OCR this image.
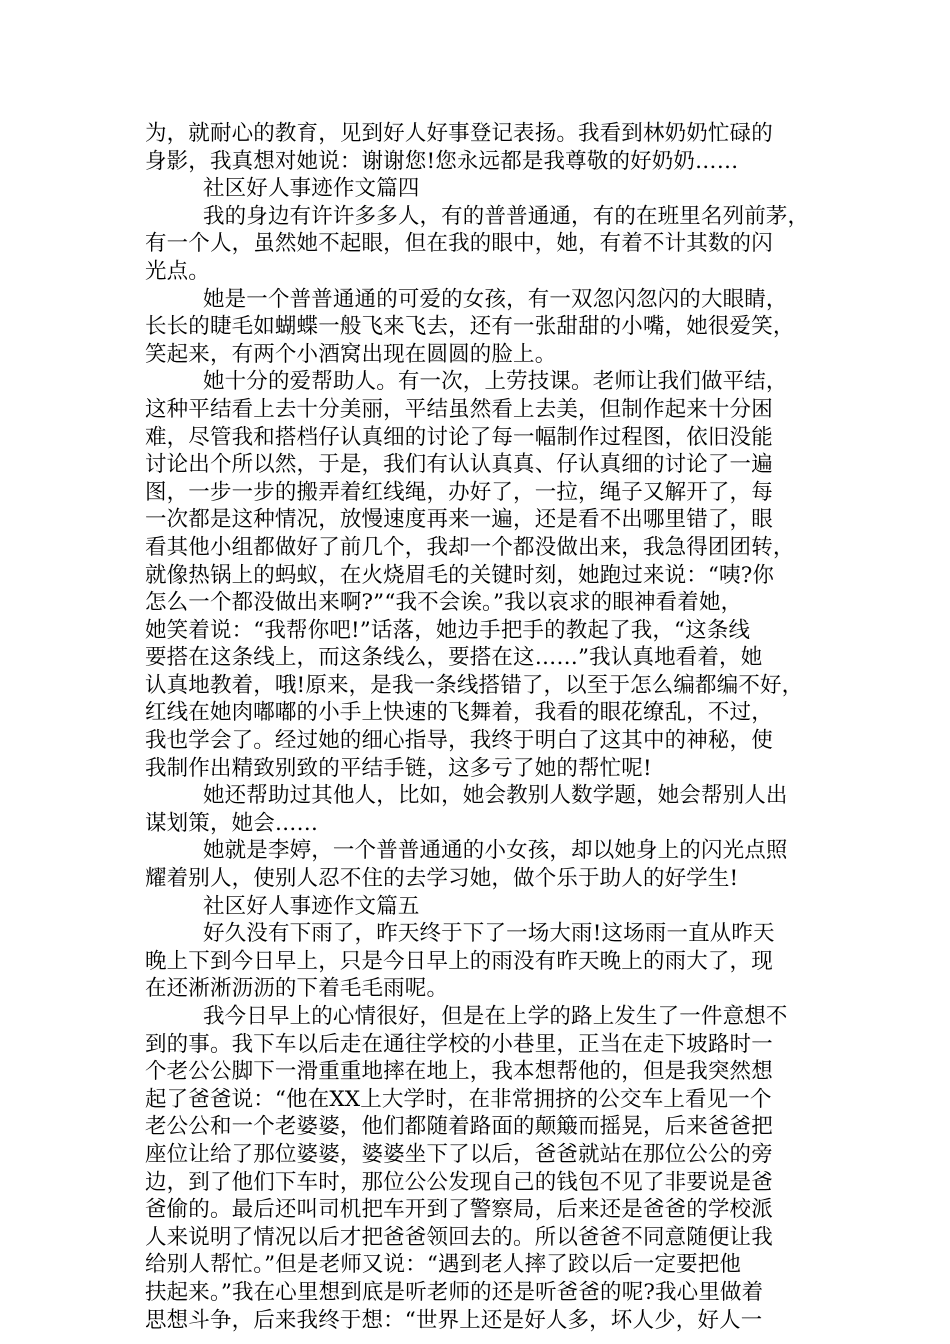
为，就耐心的教育，见到好人好事登记表扬。我看到林奶奶忙碌的
身影，我真想对她说：谢谢您!您永远都是我尊敬的好奶奶……
社区好人事迹作文篇四
我的身边有许许多多人，有的普普通通，有的在班里名列前茅，
有一个人，虽然她不起眼，但在我的眼中，她，有着不计其数的闪
光点。
她是一个普普通通的可爱的女孩，有一双忽闪忽闪的大眼睛，
长长的睫毛如蝴蝶一般飞来飞去，还有一张甜甜的小嘴，她很爱笑，
笑起来，有两个小酒窝出现在圆圆的脸上。
她十分的爱帮助人。有一次，上劳技课。老师让我们做平结，
这种平结看上去十分美丽，平结虽然看上去美，但制作起来十分困
难，尽管我和搭档仔认真细的讨论了每一幅制作过程图，依旧没能
讨论出个所以然，于是，我们有认认真真、仔认真细的讨论了一遍
图，一步一步的搬弄着红线绳，办好了，一拉，绳子又解开了，每
一次都是这种情况，放慢速度再来一遍，还是看不出哪里错了，眼
看其他小组都做好了前几个，我却一个都没做出来，我急得团团转，
就像热锅上的蚂蚁，在火烧眉毛的关键时刻，她跑过来说：“咦?你
怎么一个都没做出来啊?”“我不会诶。”我以哀求的眼神看着她，
她笑着说：“我帮你吧!”话落，她边手把手的教起了我，“这条线
要搭在这条线上，而这条线么，要搭在这……”我认真地看着，她
认真地教着，哦!原来，是我一条线搭错了，以至于怎么编都编不好，
红线在她肉嘟嘟的小手上快速的飞舞着，我看的眼花缭乱，不过，
我也学会了。经过她的细心指导，我终于明白了这其中的神秘，使
我制作出精致别致的平结手链，这多亏了她的帮忙呢!
她还帮助过其他人，比如，她会教别人数学题，她会帮别人出
谋划策，她会……
她就是李婷，一个普普通通的小女孩，却以她身上的闪光点照
耀着别人，使别人忍不住的去学习她，做个乐于助人的好学生!
社区好人事迹作文篇五
好久没有下雨了，昨天终于下了一场大雨!这场雨一直从昨天
晚上下到今日早上，只是今日早上的雨没有昨天晚上的雨大了，现
在还淅淅沥沥的下着毛毛雨呢。
我今日早上的心情很好，但是在上学的路上发生了一件意想不
到的事。我下车以后走在通往学校的小巷里，正当在走下坡路时一
个老公公脚下一滑重重地摔在地上，我本想帮他的，但是我突然想
起了爸爸说：“他在XX上大学时，在非常拥挤的公交车上看见一个
老公公和一个老婆婆，他们都随着路面的颠簸而摇晃，后来爸爸把
座位让给了那位婆婆，婆婆坐下了以后，爸爸就站在那位公公的旁
边，到了他们下车时，那位公公发现自己的钱包不见了非要说是爸
爸偷的。最后还叫司机把车开到了警察局，后来还是爸爸的学校派
人来说明了情况以后才把爸爸领回去的。所以爸爸不同意随便让我
给别人帮忙。”但是老师又说：“遇到老人摔了跤以后一定要把他
扶起来。”我在心里想到底是听老师的还是听爸爸的呢?我心里做着
思想斗争，后来我终于想：“世界上还是好人多，坏人少，好人一
